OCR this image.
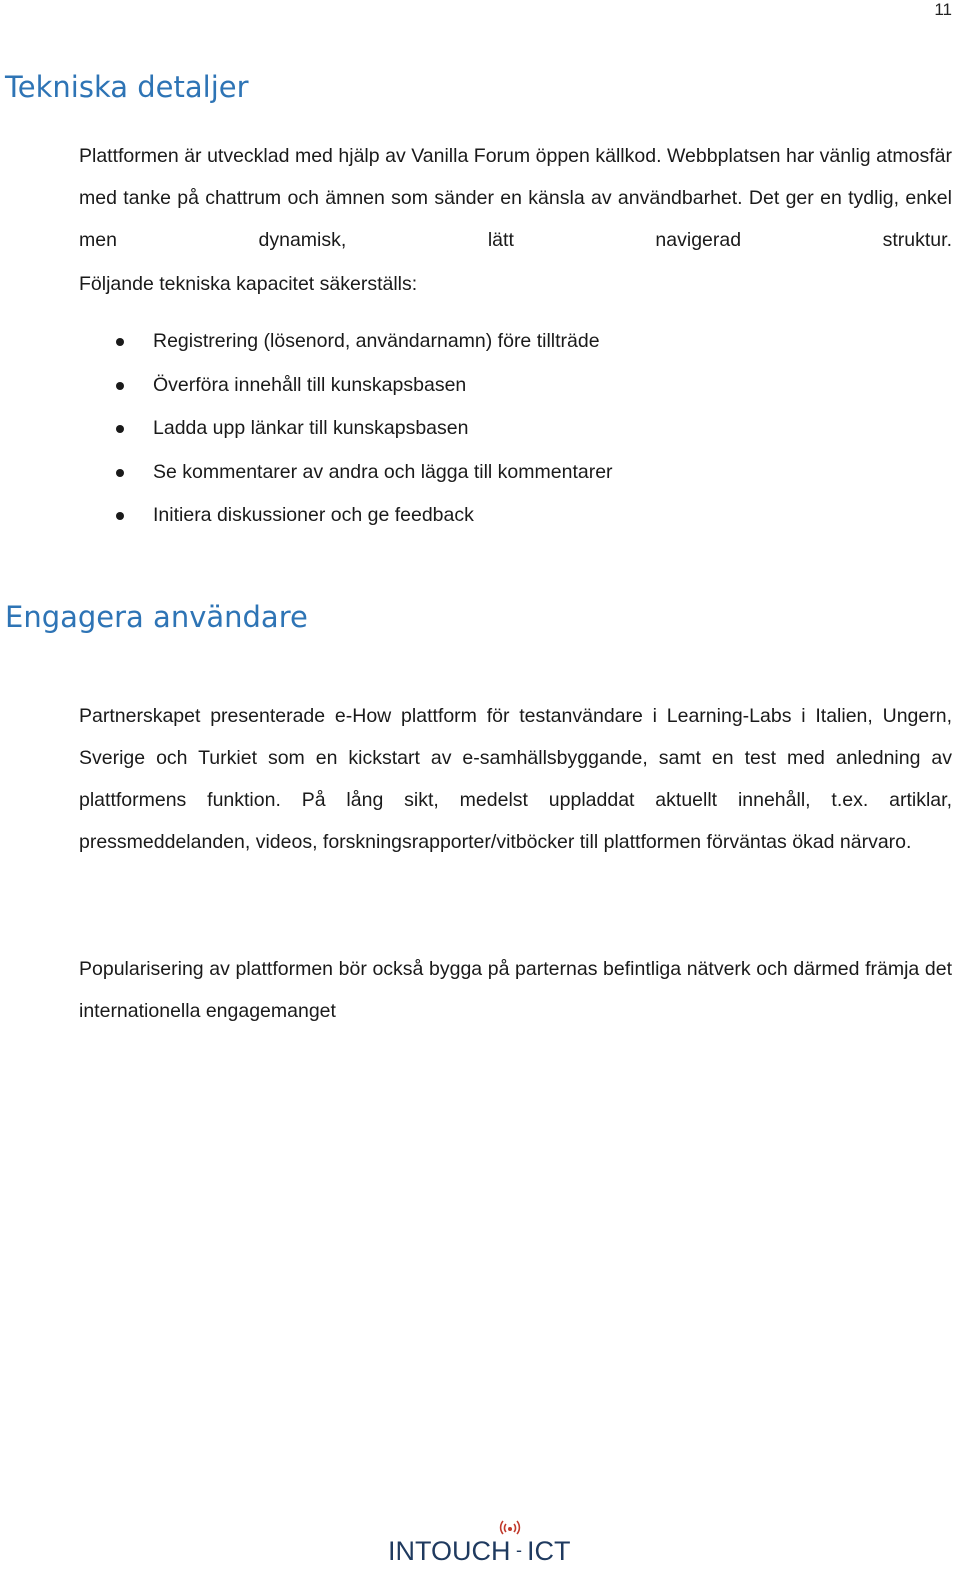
11
Tekniska detaljer

Plattformen är utvecklad med hjälp av Vanilla Forum öppen källkod. Webbplatsen har vänlig atmosfär med tanke på chattrum och ämnen som sänder en känsla av användbarhet. Det ger en tydlig, enkel men dynamisk, lätt navigerad struktur.

Följande tekniska kapacitet säkerställs:

Registrering (lösenord, användarnamn) före tillträde
Överföra innehåll till kunskapsbasen
Ladda upp länkar till kunskapsbasen
Se kommentarer av andra och lägga till kommentarer
Initiera diskussioner och ge feedback
Engagera användare

Partnerskapet presenterade e-How plattform för testanvändare i Learning-Labs i Italien, Ungern, Sverige och Turkiet som en kickstart av e-samhällsbyggande, samt en test med anledning av plattformens funktion. På lång sikt, medelst uppladdat aktuellt innehåll, t.ex. artiklar, pressmeddelanden, videos, forskningsrapporter/vitböcker till plattformen förväntas ökad närvaro.

Popularisering av plattformen bör också bygga på parternas befintliga nätverk och därmed främja det internationella engagemanget

INTOUCH - ICT
